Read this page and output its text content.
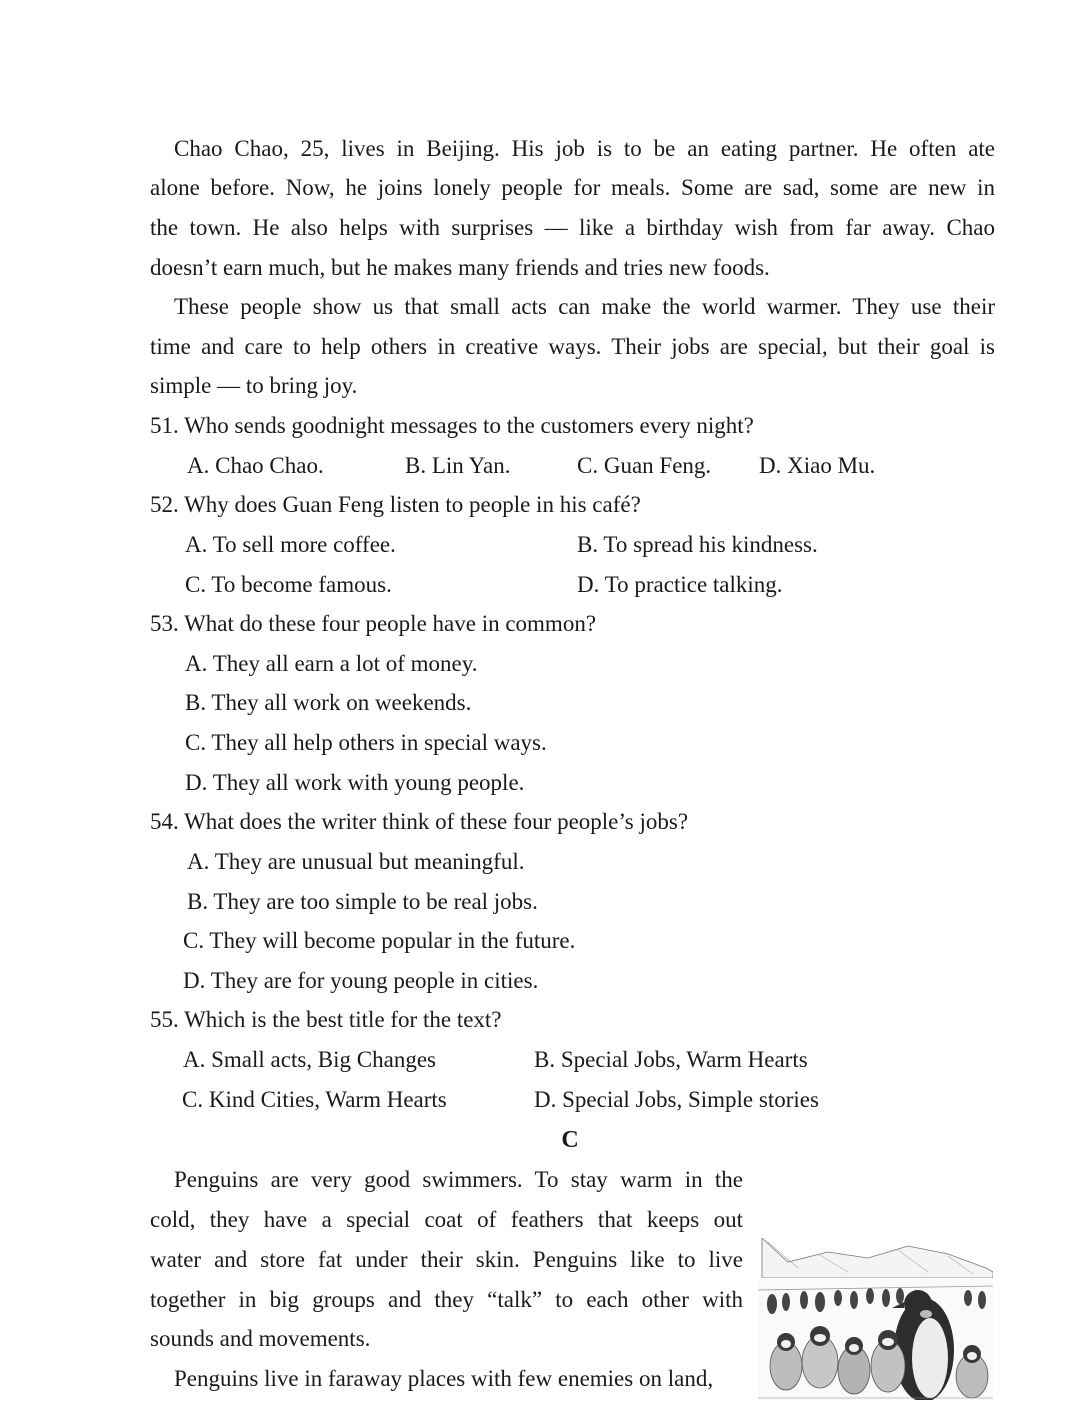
Chao Chao, 25, lives in Beijing. His job is to be an eating partner. He often ate
alone before. Now, he joins lonely people for meals. Some are sad, some are new in
the town. He also helps with surprises — like a birthday wish from far away. Chao
doesn’t earn much, but he makes many friends and tries new foods.
These people show us that small acts can make the world warmer. They use their
time and care to help others in creative ways. Their jobs are special, but their goal is
simple — to bring joy.
51. Who sends goodnight messages to the customers every night?
A. Chao Chao.	B. Lin Yan.	C. Guan Feng. D. Xiao Mu.
52. Why does Guan Feng listen to people in his café?
A. To sell more coffee.	B. To spread his kindness.
C. To become famous.	D. To practice talking.
53. What do these four people have in common?
A. They all earn a lot of money.
B. They all work on weekends.
C. They all help others in special ways.
D. They all work with young people.
54. What does the writer think of these four people’s jobs?
A. They are unusual but meaningful.
B. They are too simple to be real jobs.
C. They will become popular in the future.
D. They are for young people in cities.
55. Which is the best title for the text?
A. Small acts, Big Changes	B. Special Jobs, Warm Hearts
C. Kind Cities, Warm Hearts	D. Special Jobs, Simple stories
C
Penguins are very good swimmers. To stay warm in the
cold, they have a special coat of feathers that keeps out
water and store fat under their skin. Penguins like to live
together in big groups and they “talk” to each other with
sounds and movements.
Penguins live in faraway places with few enemies on land,
